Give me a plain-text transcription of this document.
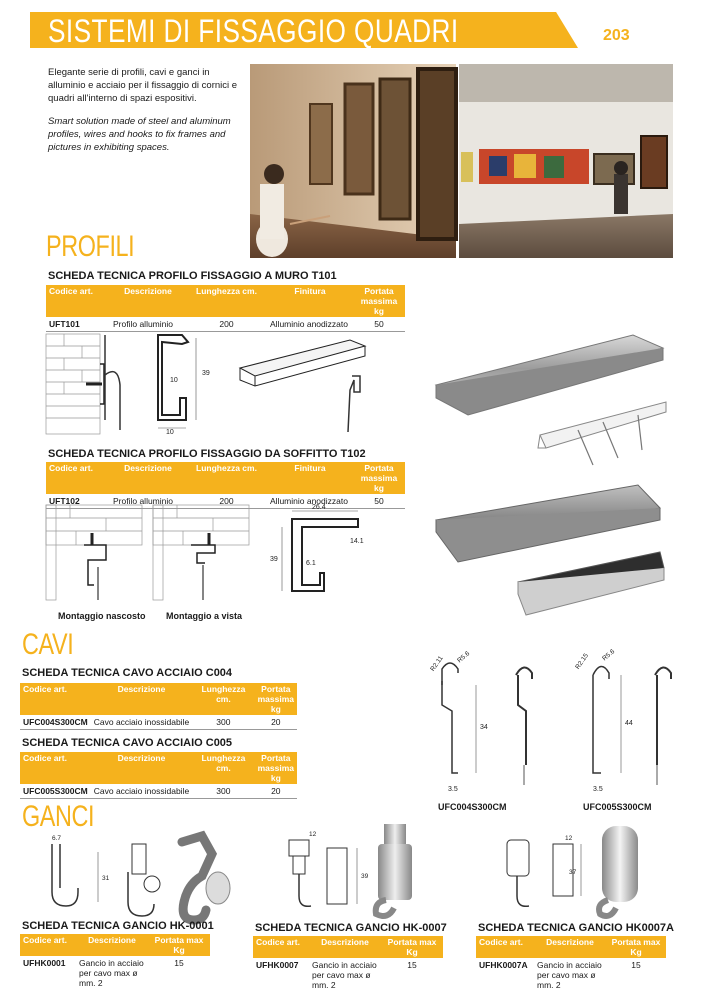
SISTEMI DI FISSAGGIO QUADRI	203

Elegante serie di profili, cavi e ganci in alluminio e acciaio per il fissaggio di cornici e quadri all'interno di spazi espositivi.

Smart solution made of steel and aluminum profiles, wires and hooks to fix frames and pictures in exhibiting spaces.

PROFILI
SCHEDA TECNICA PROFILO FISSAGGIO A MURO T101
Codice art.	Descrizione	Lunghezza cm.	Finitura	Portata massima kg
UFT101	Profilo alluminio	200	Alluminio anodizzato	50
39
10
10
SCHEDA TECNICA PROFILO FISSAGGIO DA SOFFITTO T102
Codice art.	Descrizione	Lunghezza cm.	Finitura	Portata massima kg
UFT102	Profilo alluminio	200	Alluminio anodizzato	50
Montaggio nascosto Montaggio a vista
26.4
39
14.1
6.1
CAVI
SCHEDA TECNICA CAVO ACCIAIO C004
Codice art.	Descrizione	Lunghezza cm.	Portata massima kg
UFC004S300CM	Cavo acciaio inossidabile	300	20
SCHEDA TECNICA CAVO ACCIAIO C005
Codice art.	Descrizione	Lunghezza cm.	Portata massima kg
UFC005S300CM	Cavo acciaio inossidabile	300	20
R2.11 R5.6
34
3.5
UFC004S300CM
R2.15 R5.6
44
3.5
UFC005S300CM
GANCI
6.7
31
12
39
12
37
SCHEDA TECNICA GANCIO HK-0001
Codice art.	Descrizione	Portata max Kg
UFHK0001	Gancio in acciaio per cavo max ø mm. 2	15
SCHEDA TECNICA GANCIO HK-0007
Codice art.	Descrizione	Portata max Kg
UFHK0007	Gancio in acciaio per cavo max ø mm. 2	15
SCHEDA TECNICA GANCIO HK0007A
Codice art.	Descrizione	Portata max Kg
UFHK0007A	Gancio in acciaio per cavo max ø mm. 2	15
